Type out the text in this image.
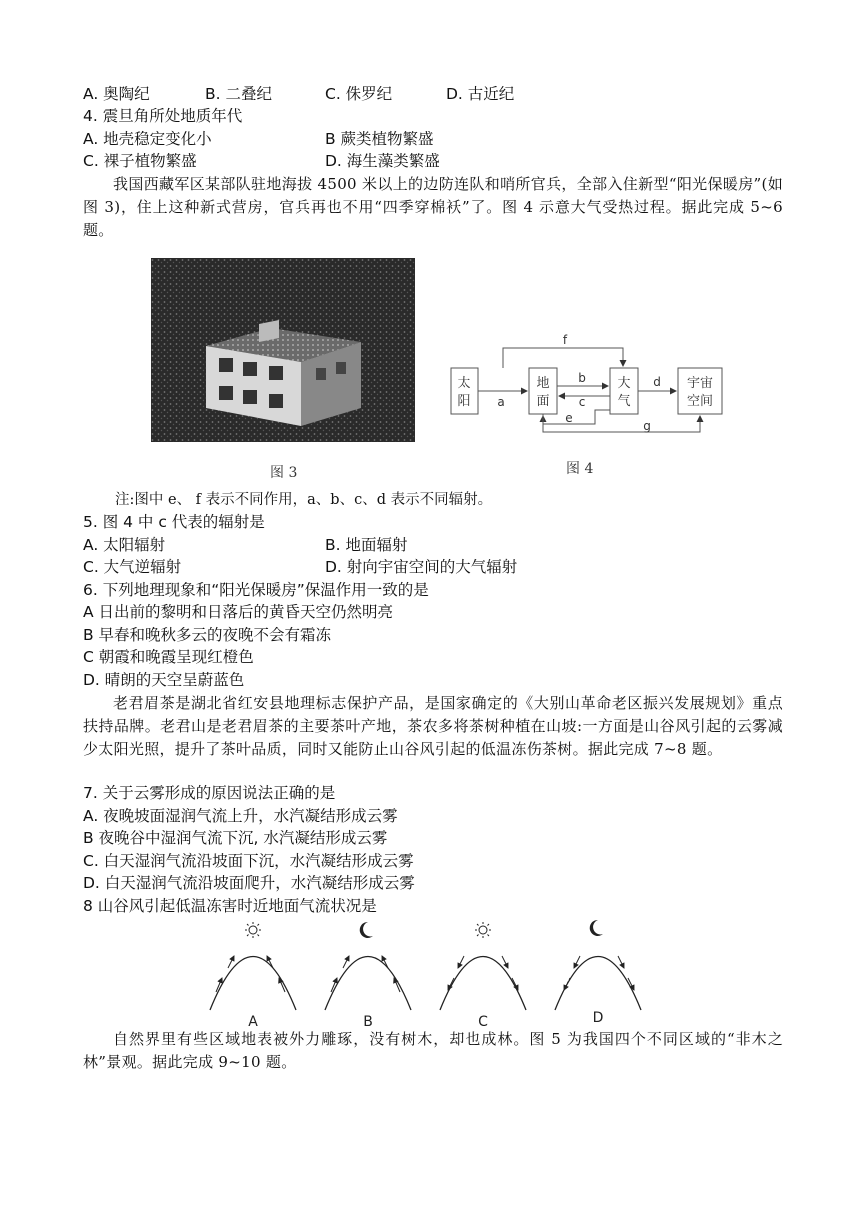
A. 奥陶纪	B. 二叠纪	C. 侏罗纪	D. 古近纪
4. 震旦角所处地质年代
A. 地壳稳定变化小	B 蕨类植物繁盛
C. 裸子植物繁盛	D. 海生藻类繁盛
我国西藏军区某部队驻地海拔 4500 米以上的边防连队和哨所官兵，全部入住新型“阳光保暖房”(如图 3)，住上这种新式营房，官兵再也不用“四季穿棉袄”了。图 4 示意大气受热过程。据此完成 5~6 题。
图 3
太
阳
地
面
大
气
宇宙
空间
a
b
c
d
e
f
g
图 4
注:图中 e、 f 表示不同作用，a、b、c、d 表示不同辐射。
5. 图 4 中 c 代表的辐射是
A. 太阳辐射	B. 地面辐射
C. 大气逆辐射	D. 射向宇宙空间的大气辐射
6. 下列地理现象和“阳光保暖房”保温作用一致的是
A 日出前的黎明和日落后的黄昏天空仍然明亮
B 早春和晚秋多云的夜晚不会有霜冻
C 朝霞和晚霞呈现红橙色
D. 晴朗的天空呈蔚蓝色
老君眉茶是湖北省红安县地理标志保护产品，是国家确定的《大别山革命老区振兴发展规划》重点扶持品牌。老君山是老君眉茶的主要茶叶产地，茶农多将茶树种植在山坡:一方面是山谷风引起的云雾减少太阳光照，提升了茶叶品质，同时又能防止山谷风引起的低温冻伤茶树。据此完成 7~8 题。
7. 关于云雾形成的原因说法正确的是
A. 夜晚坡面湿润气流上升，水汽凝结形成云雾
B 夜晚谷中湿润气流下沉, 水汽凝结形成云雾
C. 白天湿润气流沿坡面下沉，水汽凝结形成云雾
D. 白天湿润气流沿坡面爬升，水汽凝结形成云雾
8 山谷风引起低温冻害时近地面气流状况是
A	B	C	D
自然界里有些区域地表被外力雕琢，没有树木，却也成林。图 5 为我国四个不同区域的“非木之林”景观。据此完成 9~10 题。
